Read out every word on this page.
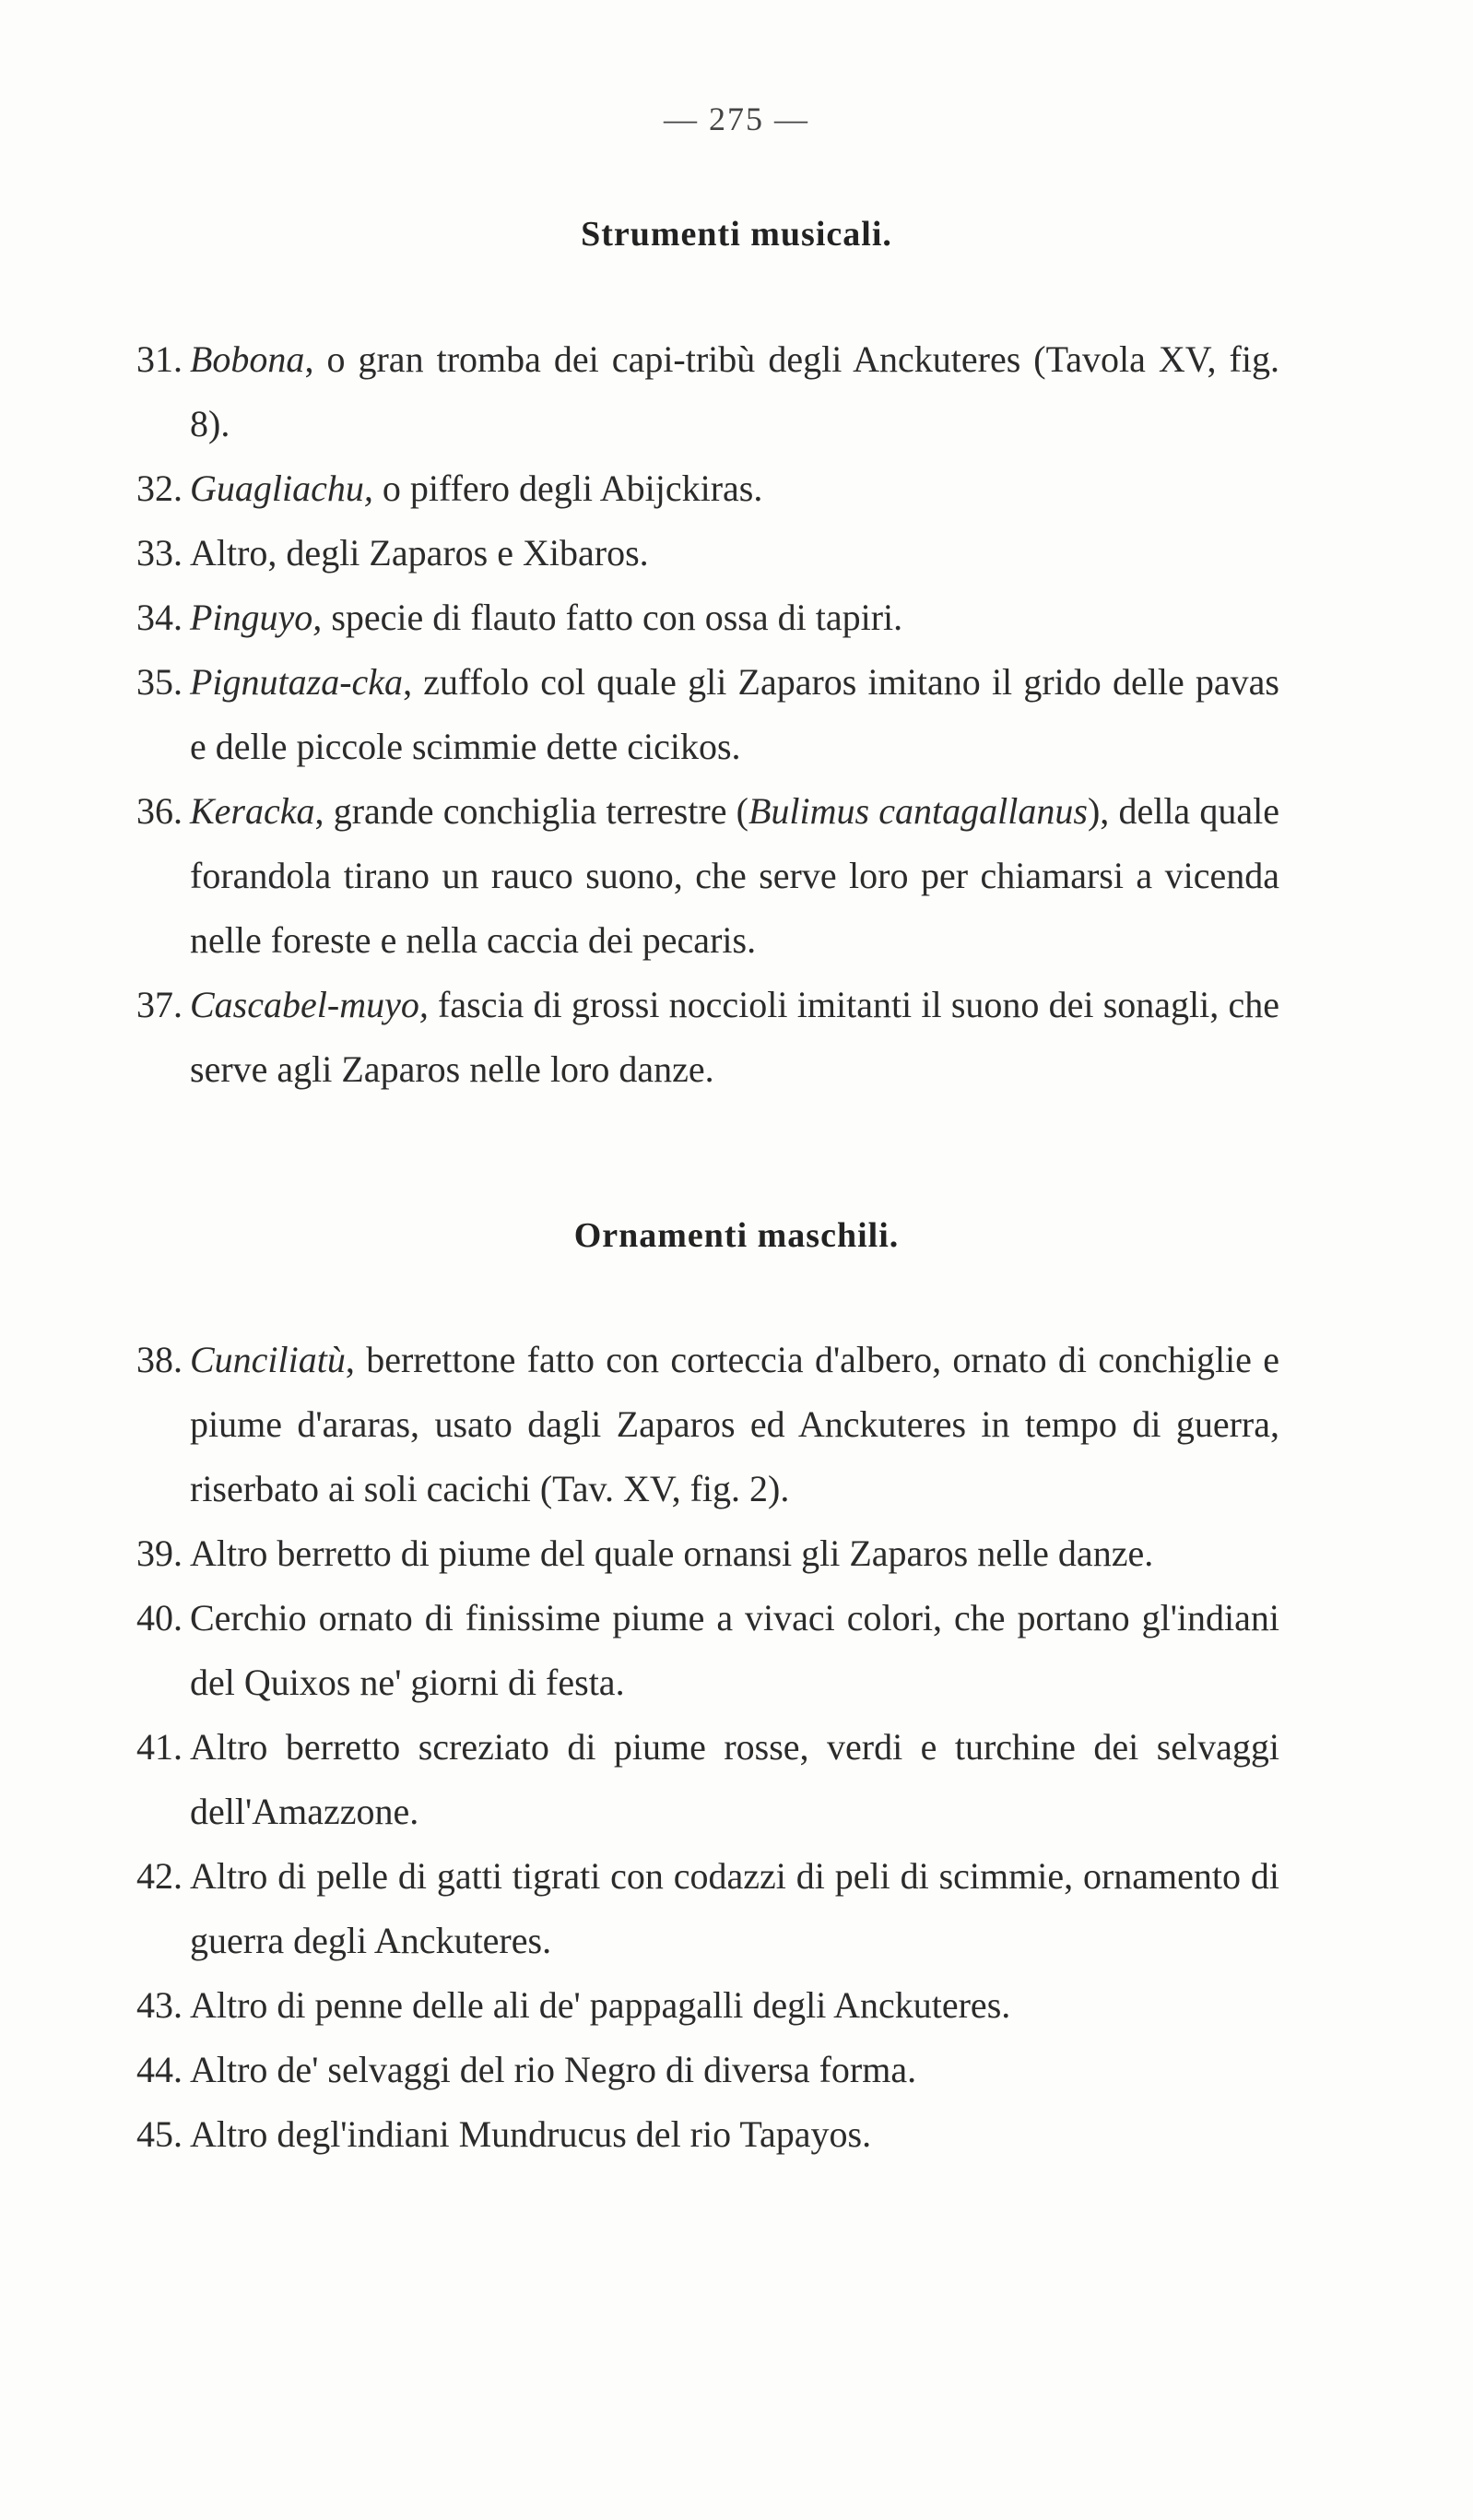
— 275 —
Strumenti musicali.
31. Bobona, o gran tromba dei capi-tribù degli Anckuteres (Tavola XV, fig. 8).
32. Guagliachu, o piffero degli Abijckiras.
33. Altro, degli Zaparos e Xibaros.
34. Pinguyo, specie di flauto fatto con ossa di tapiri.
35. Pignutaza-cka, zuffolo col quale gli Zaparos imitano il grido delle pavas e delle piccole scimmie dette cicikos.
36. Keracka, grande conchiglia terrestre (Bulimus cantagallanus), della quale forandola tirano un rauco suono, che serve loro per chiamarsi a vicenda nelle foreste e nella caccia dei pecaris.
37. Cascabel-muyo, fascia di grossi noccioli imitanti il suono dei sonagli, che serve agli Zaparos nelle loro danze.
Ornamenti maschili.
38. Cunciliatù, berrettone fatto con corteccia d'albero, ornato di conchiglie e piume d'araras, usato dagli Zaparos ed Anckuteres in tempo di guerra, riserbato ai soli cacichi (Tav. XV, fig. 2).
39. Altro berretto di piume del quale ornansi gli Zaparos nelle danze.
40. Cerchio ornato di finissime piume a vivaci colori, che portano gl'indiani del Quixos ne' giorni di festa.
41. Altro berretto screziato di piume rosse, verdi e turchine dei selvaggi dell'Amazzone.
42. Altro di pelle di gatti tigrati con codazzi di peli di scimmie, ornamento di guerra degli Anckuteres.
43. Altro di penne delle ali de' pappagalli degli Anckuteres.
44. Altro de' selvaggi del rio Negro di diversa forma.
45. Altro degl'indiani Mundrucus del rio Tapayos.
